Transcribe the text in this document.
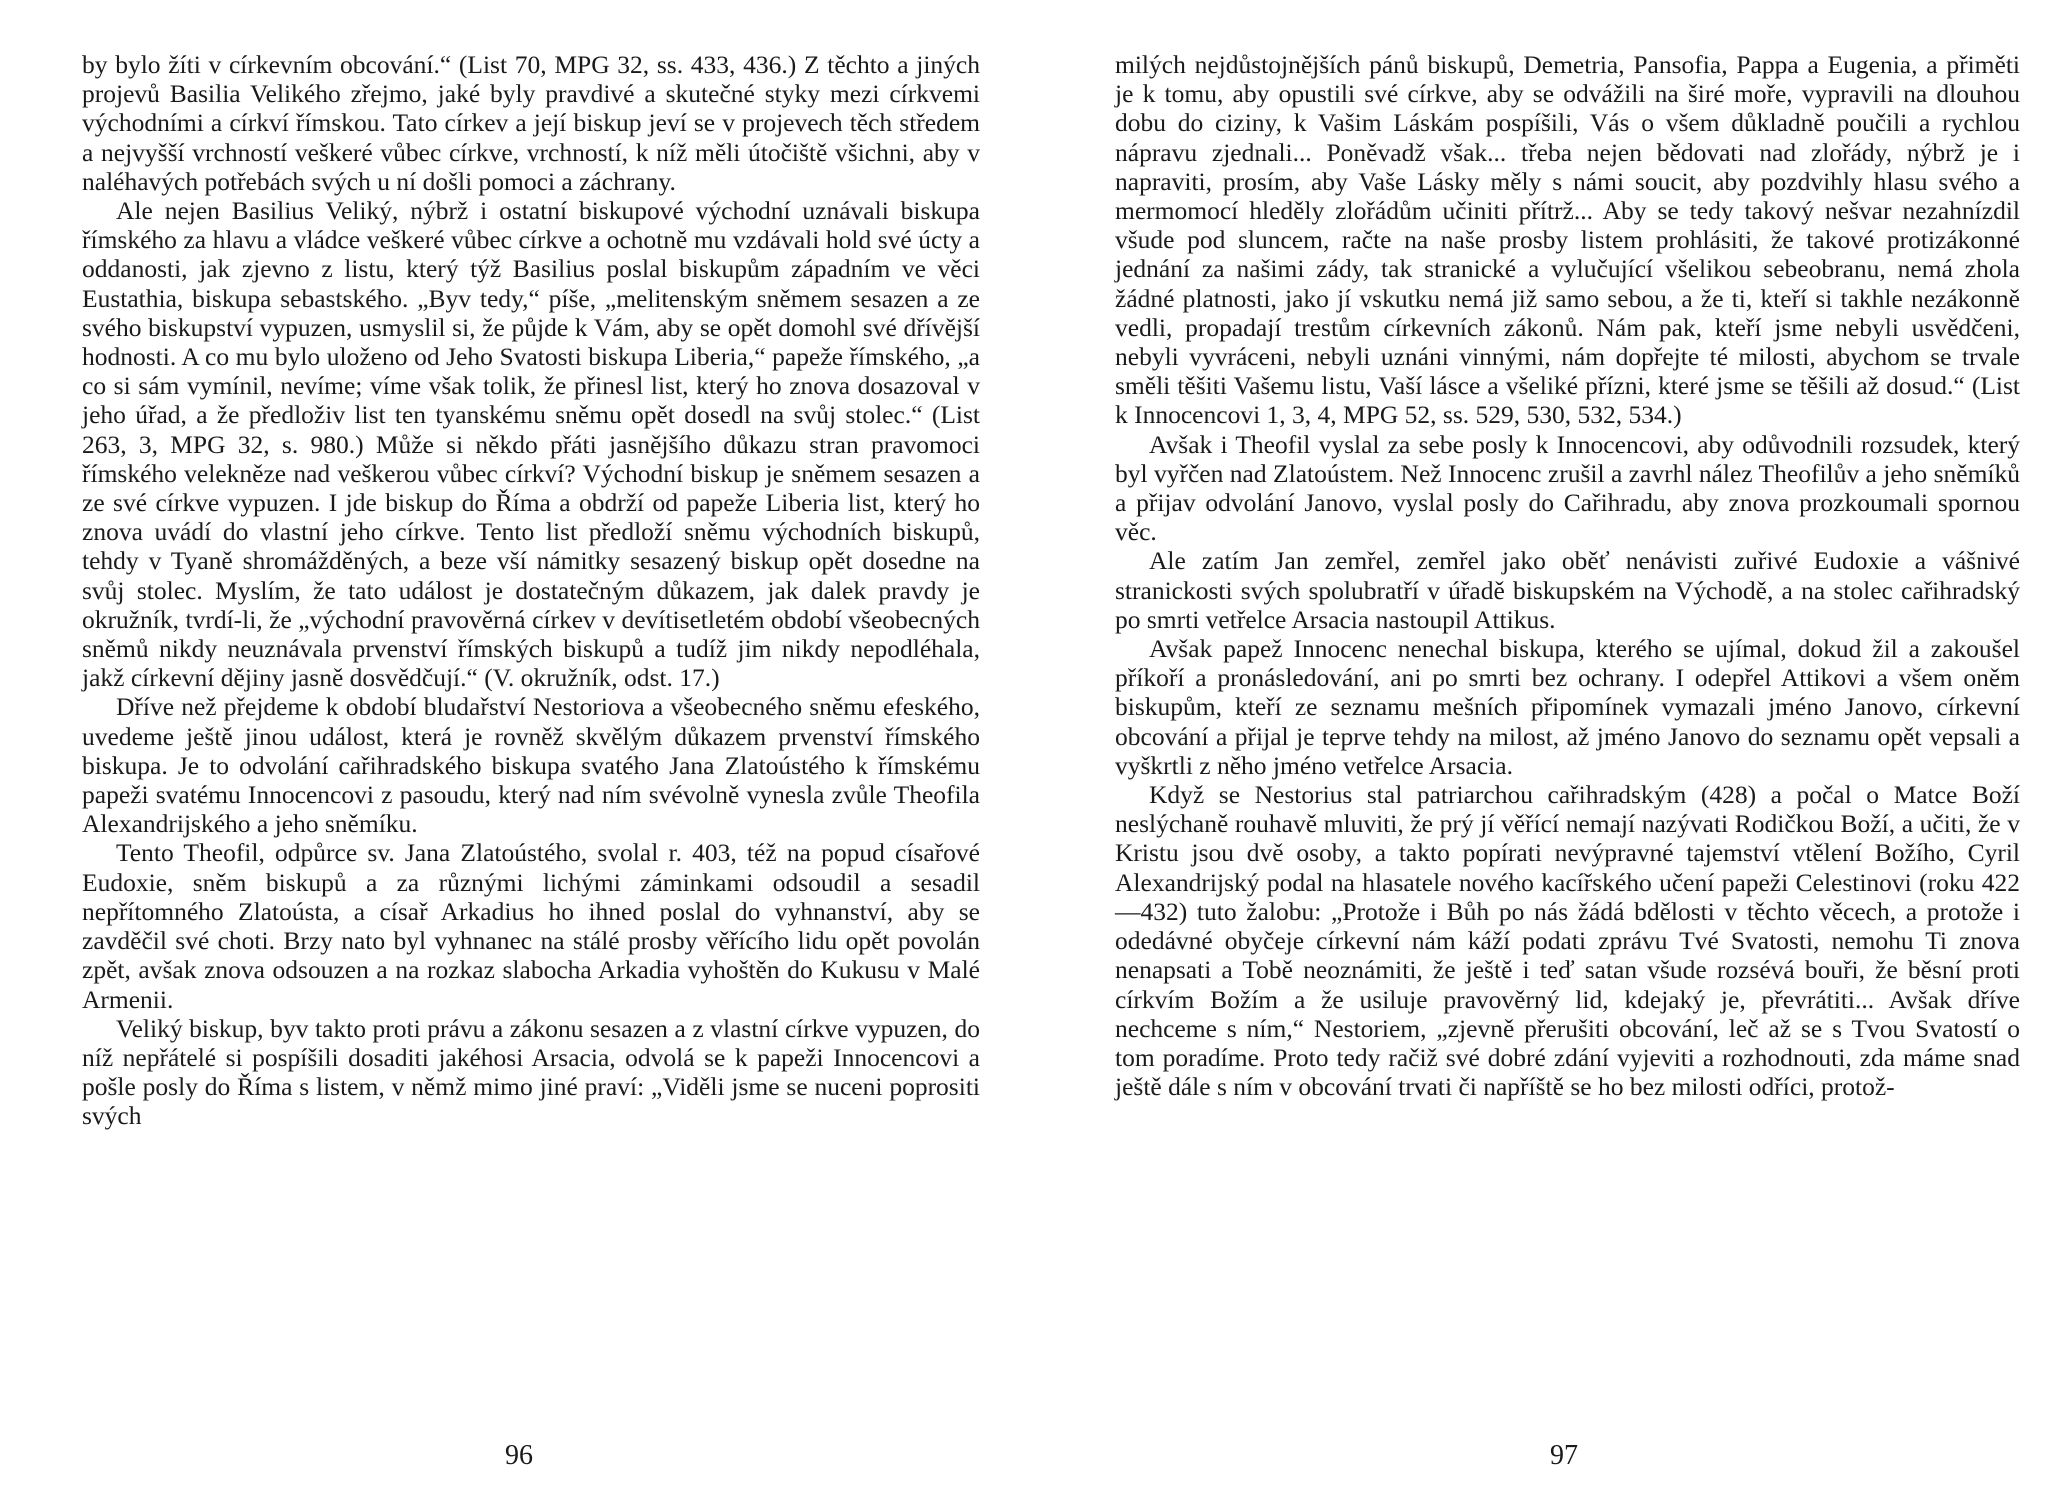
by bylo žíti v církevním obcování.“ (List 70, MPG 32, ss. 433, 436.) Z těchto a jiných projevů Basilia Velikého zřejmo, jaké byly pravdivé a skutečné styky mezi církvemi východními a církví římskou. Tato církev a její biskup jeví se v projevech těch středem a nejvyšší vrchností veškeré vůbec církve, vrchností, k níž měli útočiště všichni, aby v naléhavých potřebách svých u ní došli pomoci a záchrany.

Ale nejen Basilius Veliký, nýbrž i ostatní biskupové východní uznávali biskupa římského za hlavu a vládce veškeré vůbec církve a ochotně mu vzdávali hold své úcty a oddanosti, jak zjevno z listu, který týž Basilius poslal biskupům západním ve věci Eustathia, biskupa sebastského. „Byv tedy,“ píše, „melitenským sněmem sesazen a ze svého biskupství vypuzen, usmyslil si, že půjde k Vám, aby se opět domohl své dřívější hodnosti. A co mu bylo uloženo od Jeho Svatosti biskupa Liberia,“ papeže římského, „a co si sám vymínil, nevíme; víme však tolik, že přinesl list, který ho znova dosazoval v jeho úřad, a že předloživ list ten tyanskému sněmu opět dosedl na svůj stolec.“ (List 263, 3, MPG 32, s. 980.) Může si někdo přáti jasnějšího důkazu stran pravomoci římského velekněze nad veškerou vůbec církví? Východní biskup je sněmem sesazen a ze své církve vypuzen. I jde biskup do Říma a obdrží od papeže Liberia list, který ho znova uvádí do vlastní jeho církve. Tento list předloží sněmu východních biskupů, tehdy v Tyaně shromážděných, a beze vší námitky sesazený biskup opět dosedne na svůj stolec. Myslím, že tato událost je dostatečným důkazem, jak dalek pravdy je okružník, tvrdí-li, že „východní pravověrná církev v devítisetletém období všeobecných sněmů nikdy neuznávala prvenství římských biskupů a tudíž jim nikdy nepodléhala, jakž církevní dějiny jasně dosvědčují.“ (V. okružník, odst. 17.)

Dříve než přejdeme k období bludařství Nestoriova a všeobecného sněmu efeského, uvedeme ještě jinou událost, která je rovněž skvělým důkazem prvenství římského biskupa. Je to odvolání cařihradského biskupa svatého Jana Zlatoústého k římskému papeži svatému Innocencovi z pasoudu, který nad ním svévolně vynesla zvůle Theofila Alexandrijského a jeho sněmíku.

Tento Theofil, odpůrce sv. Jana Zlatoústého, svolal r. 403, též na popud císařové Eudoxie, sněm biskupů a za různými lichými záminkami odsoudil a sesadil nepřítomného Zlatoústa, a císař Arkadius ho ihned poslal do vyhnanství, aby se zavděčil své choti. Brzy nato byl vyhnanec na stálé prosby věřícího lidu opět povolán zpět, avšak znova odsouzen a na rozkaz slabocha Arkadia vyhoštěn do Kukusu v Malé Armenii.

Veliký biskup, byv takto proti právu a zákonu sesazen a z vlastní církve vypuzen, do níž nepřátelé si pospíšili dosaditi jakéhosi Arsacia, odvolá se k papeži Innocencovi a pošle posly do Říma s listem, v němž mimo jiné praví: „Viděli jsme se nuceni poprositi svých

96

milých nejdůstojnějších pánů biskupů, Demetria, Pansofia, Pappa a Eugenia, a přiměti je k tomu, aby opustili své církve, aby se odvážili na širé moře, vypravili na dlouhou dobu do ciziny, k Vašim Láskám pospíšili, Vás o všem důkladně poučili a rychlou nápravu zjednali... Poněvadž však... třeba nejen bědovati nad zlořády, nýbrž je i napraviti, prosím, aby Vaše Lásky měly s námi soucit, aby pozdvihly hlasu svého a mermomocí hleděly zlořádům učiniti přítrž... Aby se tedy takový nešvar nezahnízdil všude pod sluncem, račte na naše prosby listem prohlásiti, že takové protizákonné jednání za našimi zády, tak stranické a vylučující všelikou sebeobranu, nemá zhola žádné platnosti, jako jí vskutku nemá již samo sebou, a že ti, kteří si takhle nezákonně vedli, propadají trestům církevních zákonů. Nám pak, kteří jsme nebyli usvědčeni, nebyli vyvráceni, nebyli uznáni vinnými, nám dopřejte té milosti, abychom se trvale směli těšiti Vašemu listu, Vaší lásce a všeliké přízni, které jsme se těšili až dosud.“ (List k Innocencovi 1, 3, 4, MPG 52, ss. 529, 530, 532, 534.)

Avšak i Theofil vyslal za sebe posly k Innocencovi, aby odůvodnili rozsudek, který byl vyřčen nad Zlatoústem. Než Innocenc zrušil a zavrhl nález Theofilův a jeho sněmíků a přijav odvolání Janovo, vyslal posly do Cařihradu, aby znova prozkoumali spornou věc.

Ale zatím Jan zemřel, zemřel jako oběť nenávisti zuřivé Eudoxie a vášnivé stranickosti svých spolubratří v úřadě biskupském na Východě, a na stolec cařihradský po smrti vetřelce Arsacia nastoupil Attikus.

Avšak papež Innocenc nenechal biskupa, kterého se ujímal, dokud žil a zakoušel příkoří a pronásledování, ani po smrti bez ochrany. I odepřel Attikovi a všem oněm biskupům, kteří ze seznamu mešních připomínek vymazali jméno Janovo, církevní obcování a přijal je teprve tehdy na milost, až jméno Janovo do seznamu opět vepsali a vyškrtli z něho jméno vetřelce Arsacia.

Když se Nestorius stal patriarchou cařihradským (428) a počal o Matce Boží neslýchaně rouhavě mluviti, že prý jí věřící nemají nazývati Rodičkou Boží, a učiti, že v Kristu jsou dvě osoby, a takto popírati nevýpravné tajemství vtělení Božího, Cyril Alexandrijský podal na hlasatele nového kacířského učení papeži Celestinovi (roku 422—432) tuto žalobu: „Protože i Bůh po nás žádá bdělosti v těchto věcech, a protože i odedávné obyčeje církevní nám káží podati zprávu Tvé Svatosti, nemohu Ti znova nenapsati a Tobě neoznámiti, že ještě i teď satan všude rozsévá bouři, že běsní proti církvím Božím a že usiluje pravověrný lid, kdejaký je, převrátiti... Avšak dříve nechceme s ním,“ Nestoriem, „zjevně přerušiti obcování, leč až se s Tvou Svatostí o tom poradíme. Proto tedy račiž své dobré zdání vyjeviti a rozhodnouti, zda máme snad ještě dále s ním v obcování trvati či napříště se ho bez milosti odříci, protož-

97
